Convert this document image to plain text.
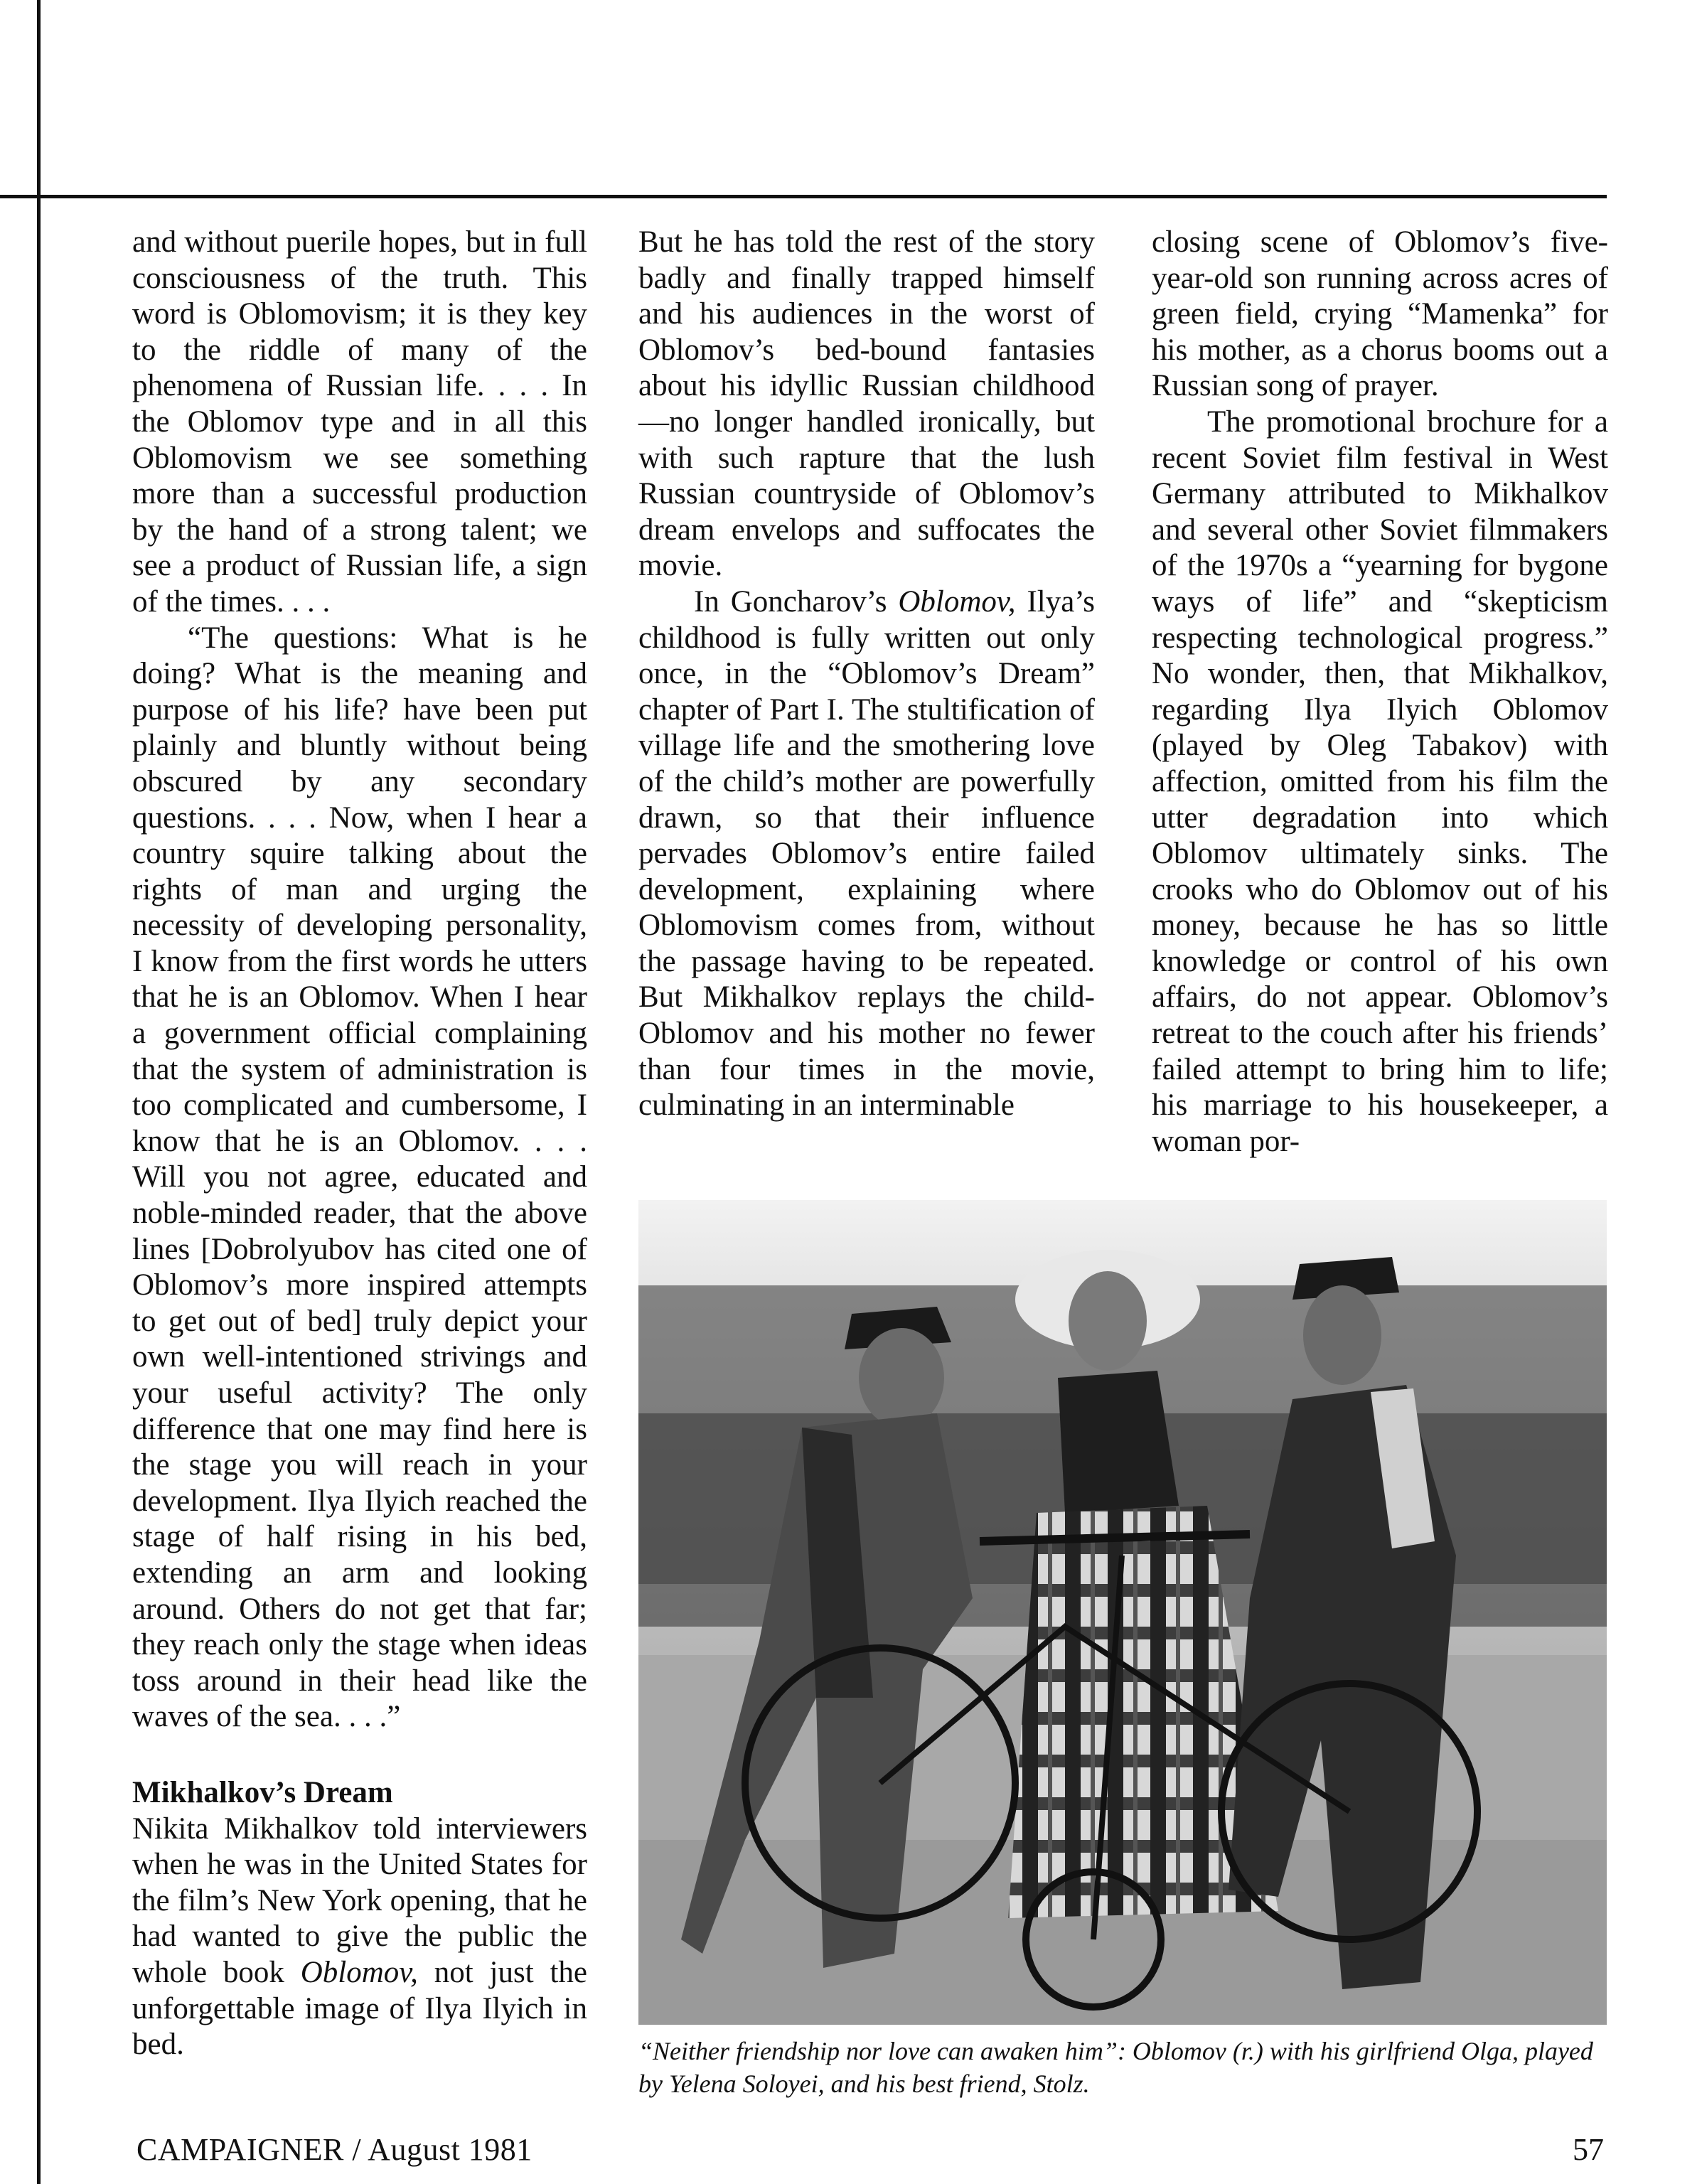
and without puerile hopes, but in full consciousness of the truth. This word is Oblomovism; it is they key to the riddle of many of the phenomena of Russian life. . . . In the Oblomov type and in all this Oblomovism we see something more than a successful production by the hand of a strong talent; we see a product of Russian life, a sign of the times. . . .

“The questions: What is he doing? What is the meaning and purpose of his life? have been put plainly and bluntly without being obscured by any secondary questions. . . . Now, when I hear a country squire talking about the rights of man and urging the necessity of developing personality, I know from the first words he utters that he is an Oblomov. When I hear a government official complaining that the system of administration is too complicated and cumbersome, I know that he is an Oblomov. . . . Will you not agree, educated and noble-minded reader, that the above lines [Dobrolyubov has cited one of Oblomov’s more inspired attempts to get out of bed] truly depict your own well-intentioned strivings and your useful activity? The only difference that one may find here is the stage you will reach in your development. Ilya Ilyich reached the stage of half rising in his bed, extending an arm and looking around. Others do not get that far; they reach only the stage when ideas toss around in their head like the waves of the sea. . . .”

Mikhalkov’s Dream

Nikita Mikhalkov told interviewers when he was in the United States for the film’s New York opening, that he had wanted to give the public the whole book Oblomov, not just the unforgettable image of Ilya Ilyich in bed.

But he has told the rest of the story badly and finally trapped himself and his audiences in the worst of Oblomov’s bed-bound fantasies about his idyllic Russian childhood—no longer handled ironically, but with such rapture that the lush Russian countryside of Oblomov’s dream envelops and suffocates the movie.

In Goncharov’s Oblomov, Ilya’s childhood is fully written out only once, in the “Oblomov’s Dream” chapter of Part I. The stultification of village life and the smothering love of the child’s mother are powerfully drawn, so that their influence pervades Oblomov’s entire failed development, explaining where Oblomovism comes from, without the passage having to be repeated. But Mikhalkov replays the child-Oblomov and his mother no fewer than four times in the movie, culminating in an interminable

closing scene of Oblomov’s five-year-old son running across acres of green field, crying “Mamenka” for his mother, as a chorus booms out a Russian song of prayer.

The promotional brochure for a recent Soviet film festival in West Germany attributed to Mikhalkov and several other Soviet filmmakers of the 1970s a “yearning for bygone ways of life” and “skepticism respecting technological progress.” No wonder, then, that Mikhalkov, regarding Ilya Ilyich Oblomov (played by Oleg Tabakov) with affection, omitted from his film the utter degradation into which Oblomov ultimately sinks. The crooks who do Oblomov out of his money, because he has so little knowledge or control of his own affairs, do not appear. Oblomov’s retreat to the couch after his friends’ failed attempt to bring him to life; his marriage to his housekeeper, a woman por-

“Neither friendship nor love can awaken him”: Oblomov (r.) with his girlfriend Olga, played by Yelena Soloyei, and his best friend, Stolz.
CAMPAIGNER / August 1981	57
